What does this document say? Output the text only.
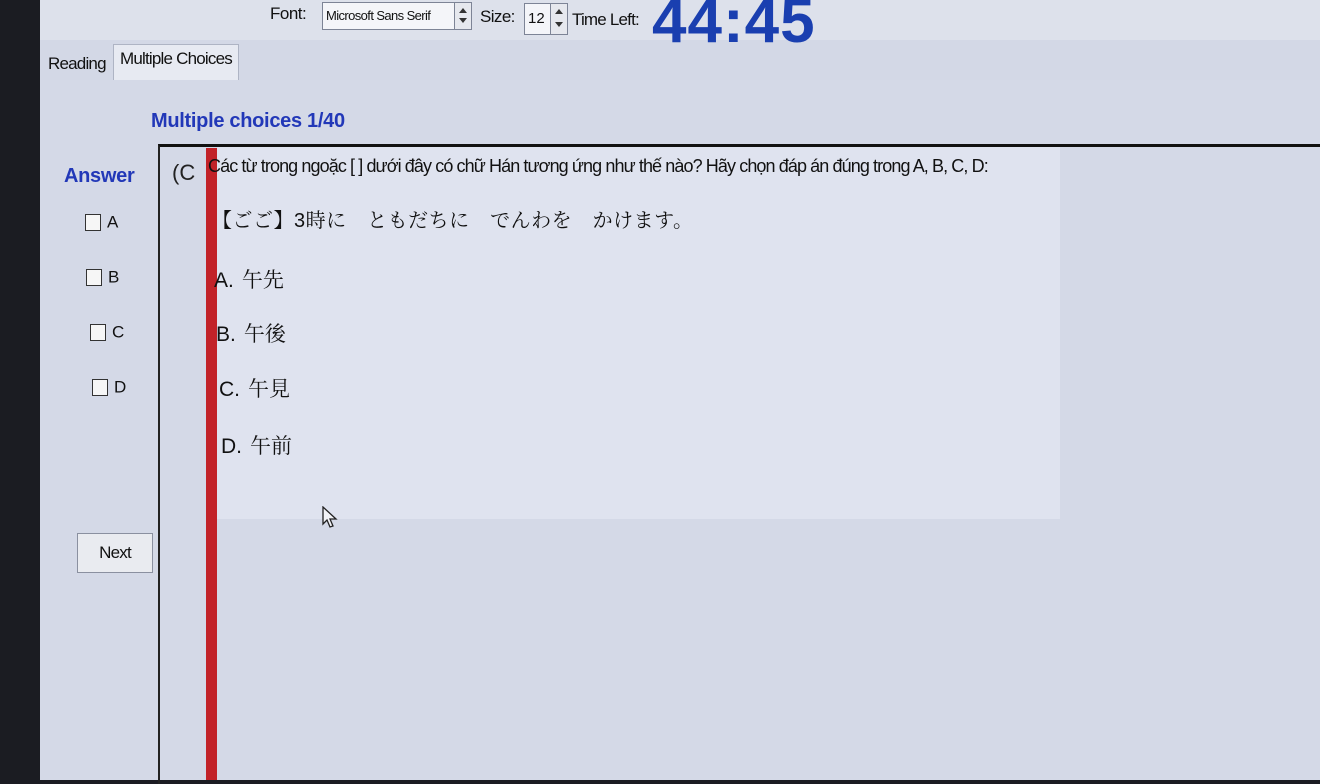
Font: Microsoft Sans Serif	Size: 12 Time Left: 44:45
Reading Multiple Choices
Multiple choices 1/40
Answer
A
B
C
D
Next
(C Các từ trong ngoặc [ ] dưới đây có chữ Hán tương ứng như thế nào? Hãy chọn đáp án đúng trong A, B, C, D:
【ごご】3時に　ともだちに　でんわを　かけます。
A. 午先
B. 午後
C. 午見
D. 午前
